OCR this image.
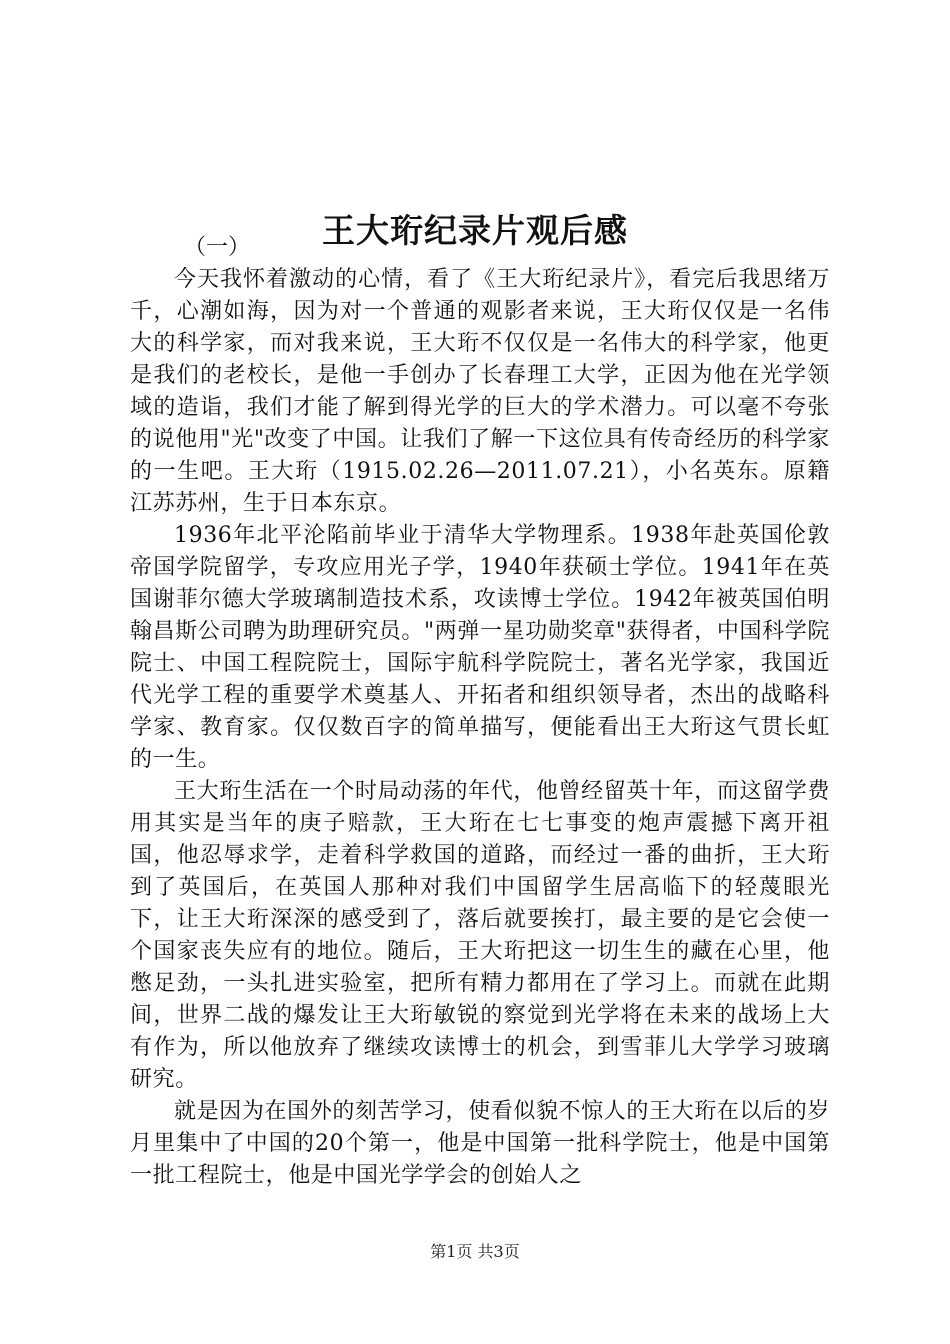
王大珩纪录片观后感

（一）

今天我怀着激动的心情，看了《王大珩纪录片》，看完后我思绪万千，心潮如海，因为对一个普通的观影者来说，王大珩仅仅是一名伟大的科学家，而对我来说，王大珩不仅仅是一名伟大的科学家，他更是我们的老校长，是他一手创办了长春理工大学，正因为他在光学领域的造诣，我们才能了解到得光学的巨大的学术潜力。可以毫不夸张的说他用"光"改变了中国。让我们了解一下这位具有传奇经历的科学家的一生吧。王大珩（1915.02.26—2011.07.21），小名英东。原籍江苏苏州，生于日本东京。

1936年北平沦陷前毕业于清华大学物理系。1938年赴英国伦敦帝国学院留学，专攻应用光子学，1940年获硕士学位。1941年在英国谢菲尔德大学玻璃制造技术系，攻读博士学位。1942年被英国伯明翰昌斯公司聘为助理研究员。"两弹一星功勋奖章"获得者，中国科学院院士、中国工程院院士，国际宇航科学院院士，著名光学家，我国近代光学工程的重要学术奠基人、开拓者和组织领导者，杰出的战略科学家、教育家。仅仅数百字的简单描写，便能看出王大珩这气贯长虹的一生。

王大珩生活在一个时局动荡的年代，他曾经留英十年，而这留学费用其实是当年的庚子赔款，王大珩在七七事变的炮声震撼下离开祖国，他忍辱求学，走着科学救国的道路，而经过一番的曲折，王大珩到了英国后，在英国人那种对我们中国留学生居高临下的轻蔑眼光下，让王大珩深深的感受到了，落后就要挨打，最主要的是它会使一个国家丧失应有的地位。随后，王大珩把这一切生生的藏在心里，他憋足劲，一头扎进实验室，把所有精力都用在了学习上。而就在此期间，世界二战的爆发让王大珩敏锐的察觉到光学将在未来的战场上大有作为，所以他放弃了继续攻读博士的机会，到雪菲儿大学学习玻璃研究。

就是因为在国外的刻苦学习，使看似貌不惊人的王大珩在以后的岁月里集中了中国的20个第一，他是中国第一批科学院士，他是中国第一批工程院士，他是中国光学学会的创始人之

第1页 共3页
